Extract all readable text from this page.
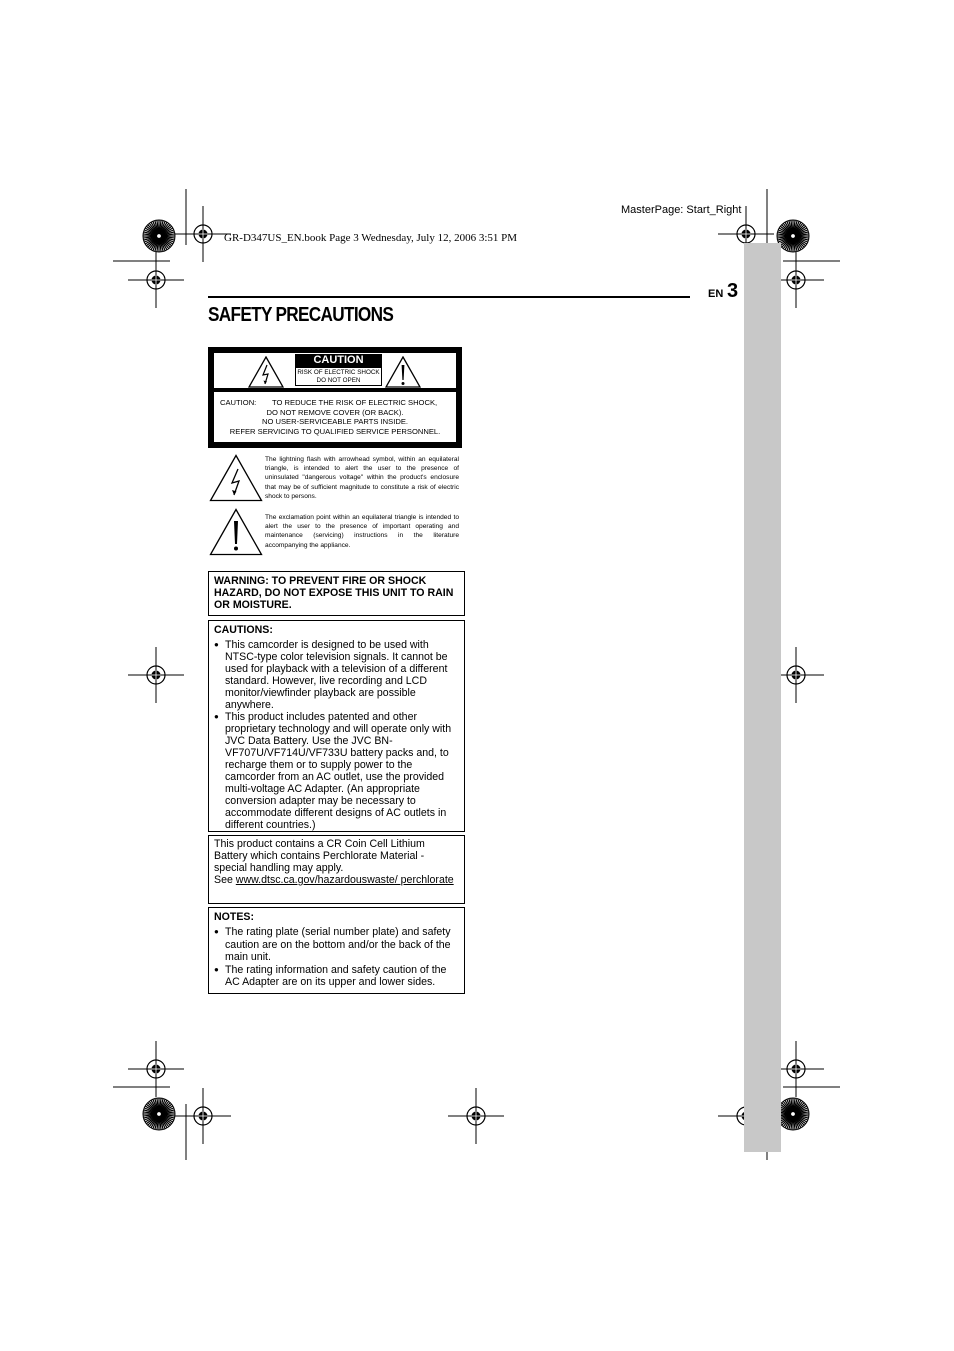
GR-D347US_EN.book Page 3 Wednesday, July 12, 2006 3:51 PM
MasterPage: Start_Right
EN 3
SAFETY PRECAUTIONS
CAUTION
RISK OF ELECTRIC SHOCK
DO NOT OPEN
CAUTION: TO REDUCE THE RISK OF ELECTRIC SHOCK,
DO NOT REMOVE COVER (OR BACK).
NO USER-SERVICEABLE PARTS INSIDE.
REFER SERVICING TO QUALIFIED SERVICE PERSONNEL.
The lightning flash with arrowhead symbol, within an equilateral triangle, is intended to alert the user to the presence of uninsulated "dangerous voltage" within the product's enclosure that may be of sufficient magnitude to constitute a risk of electric shock to persons.
The exclamation point within an equilateral triangle is intended to alert the user to the presence of important operating and maintenance (servicing) instructions in the literature accompanying the appliance.
WARNING: TO PREVENT FIRE OR SHOCK HAZARD, DO NOT EXPOSE THIS UNIT TO RAIN OR MOISTURE.
CAUTIONS:
● This camcorder is designed to be used with NTSC-type color television signals. It cannot be used for playback with a television of a different standard. However, live recording and LCD monitor/viewfinder playback are possible anywhere.
● This product includes patented and other proprietary technology and will operate only with JVC Data Battery. Use the JVC BN-VF707U/VF714U/VF733U battery packs and, to recharge them or to supply power to the camcorder from an AC outlet, use the provided multi-voltage AC Adapter. (An appropriate conversion adapter may be necessary to accommodate different designs of AC outlets in different countries.)
This product contains a CR Coin Cell Lithium Battery which contains Perchlorate Material - special handling may apply.
See www.dtsc.ca.gov/hazardouswaste/ perchlorate
NOTES:
● The rating plate (serial number plate) and safety caution are on the bottom and/or the back of the main unit.
● The rating information and safety caution of the AC Adapter are on its upper and lower sides.
